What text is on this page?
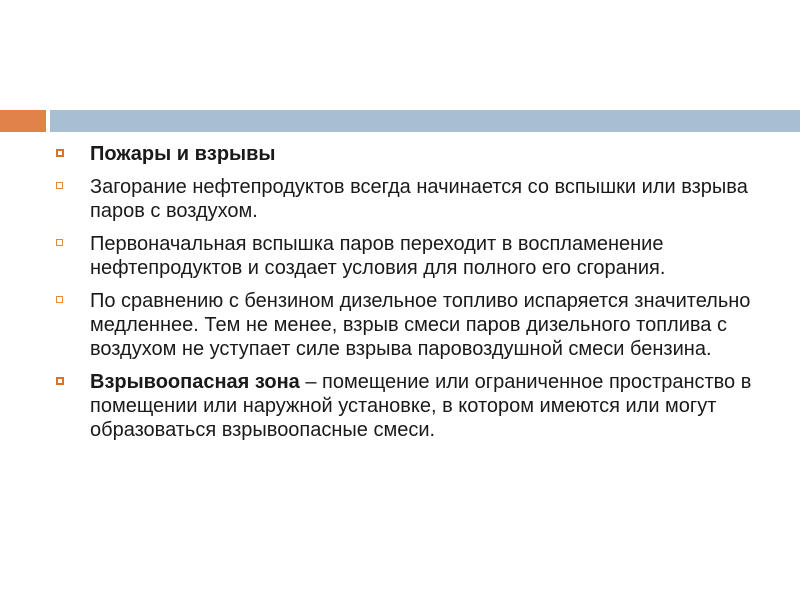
Пожары и взрывы
Загорание нефтепродуктов всегда начинается со вспышки или взрыва паров с воздухом.
Первоначальная вспышка паров переходит в воспламенение нефтепродуктов и создает условия для полного его сгорания.
По сравнению с бензином дизельное топливо испаряется значительно медленнее. Тем не менее, взрыв смеси паров дизельного топлива с воздухом не уступает силе взрыва паровоздушной смеси бензина.
Взрывоопасная зона – помещение или ограниченное пространство в помещении или наружной установке, в котором имеются или могут образоваться взрывоопасные смеси.
